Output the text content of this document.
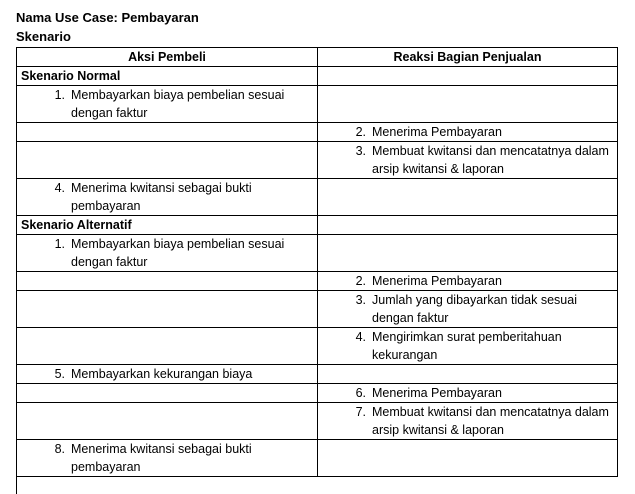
Nama Use Case: Pembayaran
Skenario
Aksi Pembeli	Reaksi Bagian Penjualan
Skenario Normal	

1. Membayarkan biaya pembelian sesuai dengan faktur	

	2. Menerima Pembayaran

	3. Membuat kwitansi dan mencatatnya dalam arsip kwitansi & laporan

4. Menerima kwitansi sebagai bukti pembayaran	

Skenario Alternatif	

1. Membayarkan biaya pembelian sesuai dengan faktur	

	2. Menerima Pembayaran

	3. Jumlah yang dibayarkan tidak sesuai dengan faktur

	4. Mengirimkan surat pemberitahuan kekurangan

5. Membayarkan kekurangan biaya	

	6. Menerima Pembayaran

	7. Membuat kwitansi dan mencatatnya dalam arsip kwitansi & laporan

8. Menerima kwitansi sebagai bukti pembayaran	
